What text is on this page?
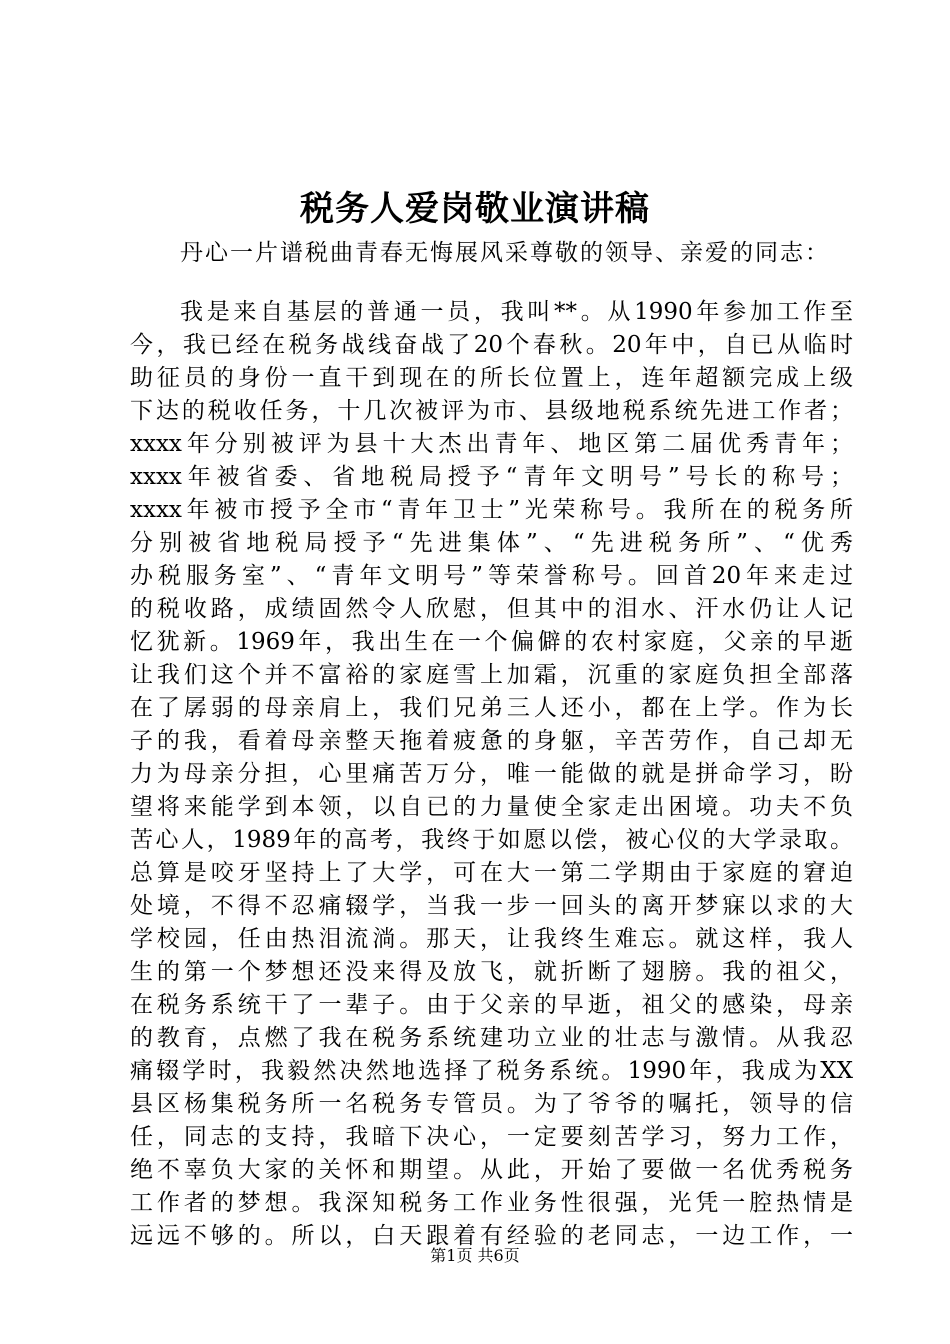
税务人爱岗敬业演讲稿
丹心一片谱税曲青春无悔展风采尊敬的领导、亲爱的同志：
我是来自基层的普通一员，我叫**。从1990年参加工作至
今，我已经在税务战线奋战了20个春秋。20年中，自已从临时
助征员的身份一直干到现在的所长位置上，连年超额完成上级
下达的税收任务，十几次被评为市、县级地税系统先进工作者；
xxxx年分别被评为县十大杰出青年、地区第二届优秀青年；
xxxx年被省委、省地税局授予“青年文明号”号长的称号；
xxxx年被市授予全市“青年卫士”光荣称号。我所在的税务所
分别被省地税局授予“先进集体”、“先进税务所”、“优秀
办税服务室”、“青年文明号”等荣誉称号。回首20年来走过
的税收路，成绩固然令人欣慰，但其中的泪水、汗水仍让人记
忆犹新。1969年，我出生在一个偏僻的农村家庭，父亲的早逝
让我们这个并不富裕的家庭雪上加霜，沉重的家庭负担全部落
在了孱弱的母亲肩上，我们兄弟三人还小，都在上学。作为长
子的我，看着母亲整天拖着疲惫的身躯，辛苦劳作，自己却无
力为母亲分担，心里痛苦万分，唯一能做的就是拼命学习，盼
望将来能学到本领，以自已的力量使全家走出困境。功夫不负
苦心人，1989年的高考，我终于如愿以偿，被心仪的大学录取。
总算是咬牙坚持上了大学，可在大一第二学期由于家庭的窘迫
处境，不得不忍痛辍学，当我一步一回头的离开梦寐以求的大
学校园，任由热泪流淌。那天，让我终生难忘。就这样，我人
生的第一个梦想还没来得及放飞，就折断了翅膀。我的祖父，
在税务系统干了一辈子。由于父亲的早逝，祖父的感染，母亲
的教育，点燃了我在税务系统建功立业的壮志与激情。从我忍
痛辍学时，我毅然决然地选择了税务系统。1990年，我成为XX
县区杨集税务所一名税务专管员。为了爷爷的嘱托，领导的信
任，同志的支持，我暗下决心，一定要刻苦学习，努力工作，
绝不辜负大家的关怀和期望。从此，开始了要做一名优秀税务
工作者的梦想。我深知税务工作业务性很强，光凭一腔热情是
远远不够的。所以，白天跟着有经验的老同志，一边工作，一
第1页 共6页
